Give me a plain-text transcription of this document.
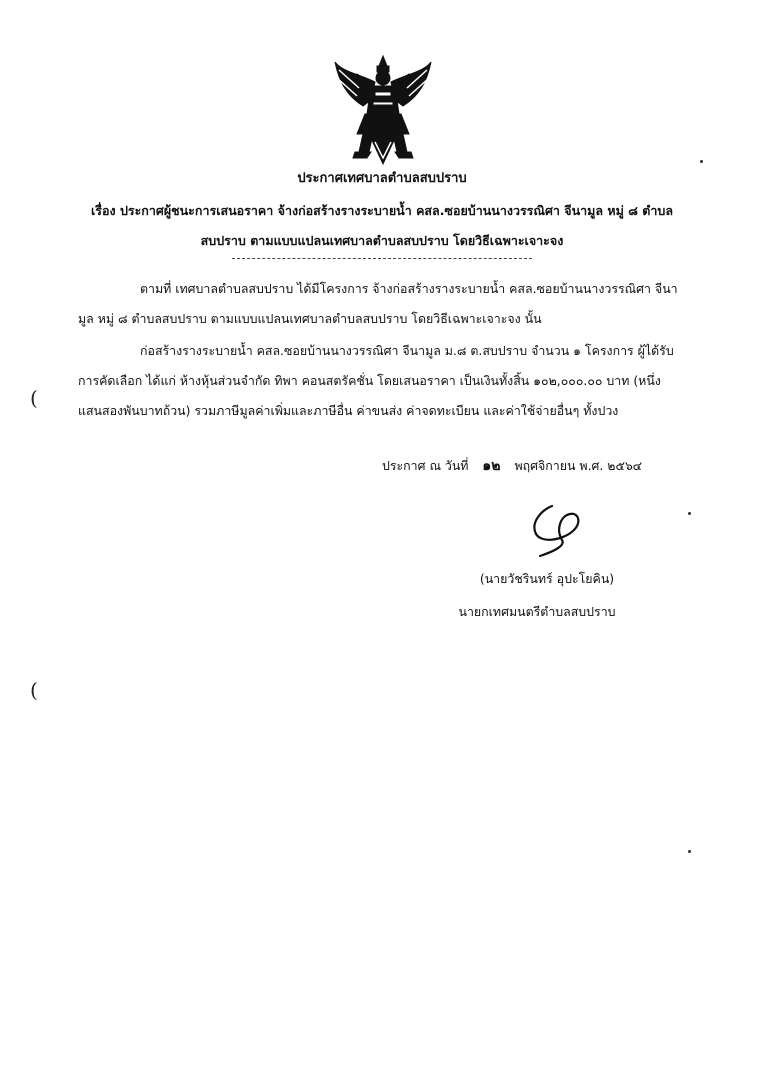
ประกาศเทศบาลตำบลสบปราบ
เรื่อง ประกาศผู้ชนะการเสนอราคา จ้างก่อสร้างรางระบายน้ำ คสล.ซอยบ้านนางวรรณิศา จีนามูล หมู่ ๘ ตำบล
สบปราบ ตามแบบแปลนเทศบาลตำบลสบปราบ โดยวิธีเฉพาะเจาะจง
ตามที่ เทศบาลตำบลสบปราบ ได้มีโครงการ จ้างก่อสร้างรางระบายน้ำ คสล.ซอยบ้านนางวรรณิศา จีนา
มูล หมู่ ๘ ตำบลสบปราบ ตามแบบแปลนเทศบาลตำบลสบปราบ โดยวิธีเฉพาะเจาะจง นั้น
ก่อสร้างรางระบายน้ำ คสล.ซอยบ้านนางวรรณิศา จีนามูล ม.๘ ต.สบปราบ จำนวน ๑ โครงการ ผู้ได้รับ
การคัดเลือก ได้แก่ ห้างหุ้นส่วนจำกัด ทิพา คอนสตรัคชั่น โดยเสนอราคา เป็นเงินทั้งสิ้น ๑๐๒,๐๐๐.๐๐ บาท (หนึ่ง
แสนสองพันบาทถ้วน) รวมภาษีมูลค่าเพิ่มและภาษีอื่น ค่าขนส่ง ค่าจดทะเบียน และค่าใช้จ่ายอื่นๆ ทั้งปวง
ประกาศ ณ วันที่ ๑๒ พฤศจิกายน พ.ศ. ๒๕๖๔
(นายวัชรินทร์ อุปะโยคิน)
นายกเทศมนตรีตำบลสบปราบ
(
(
